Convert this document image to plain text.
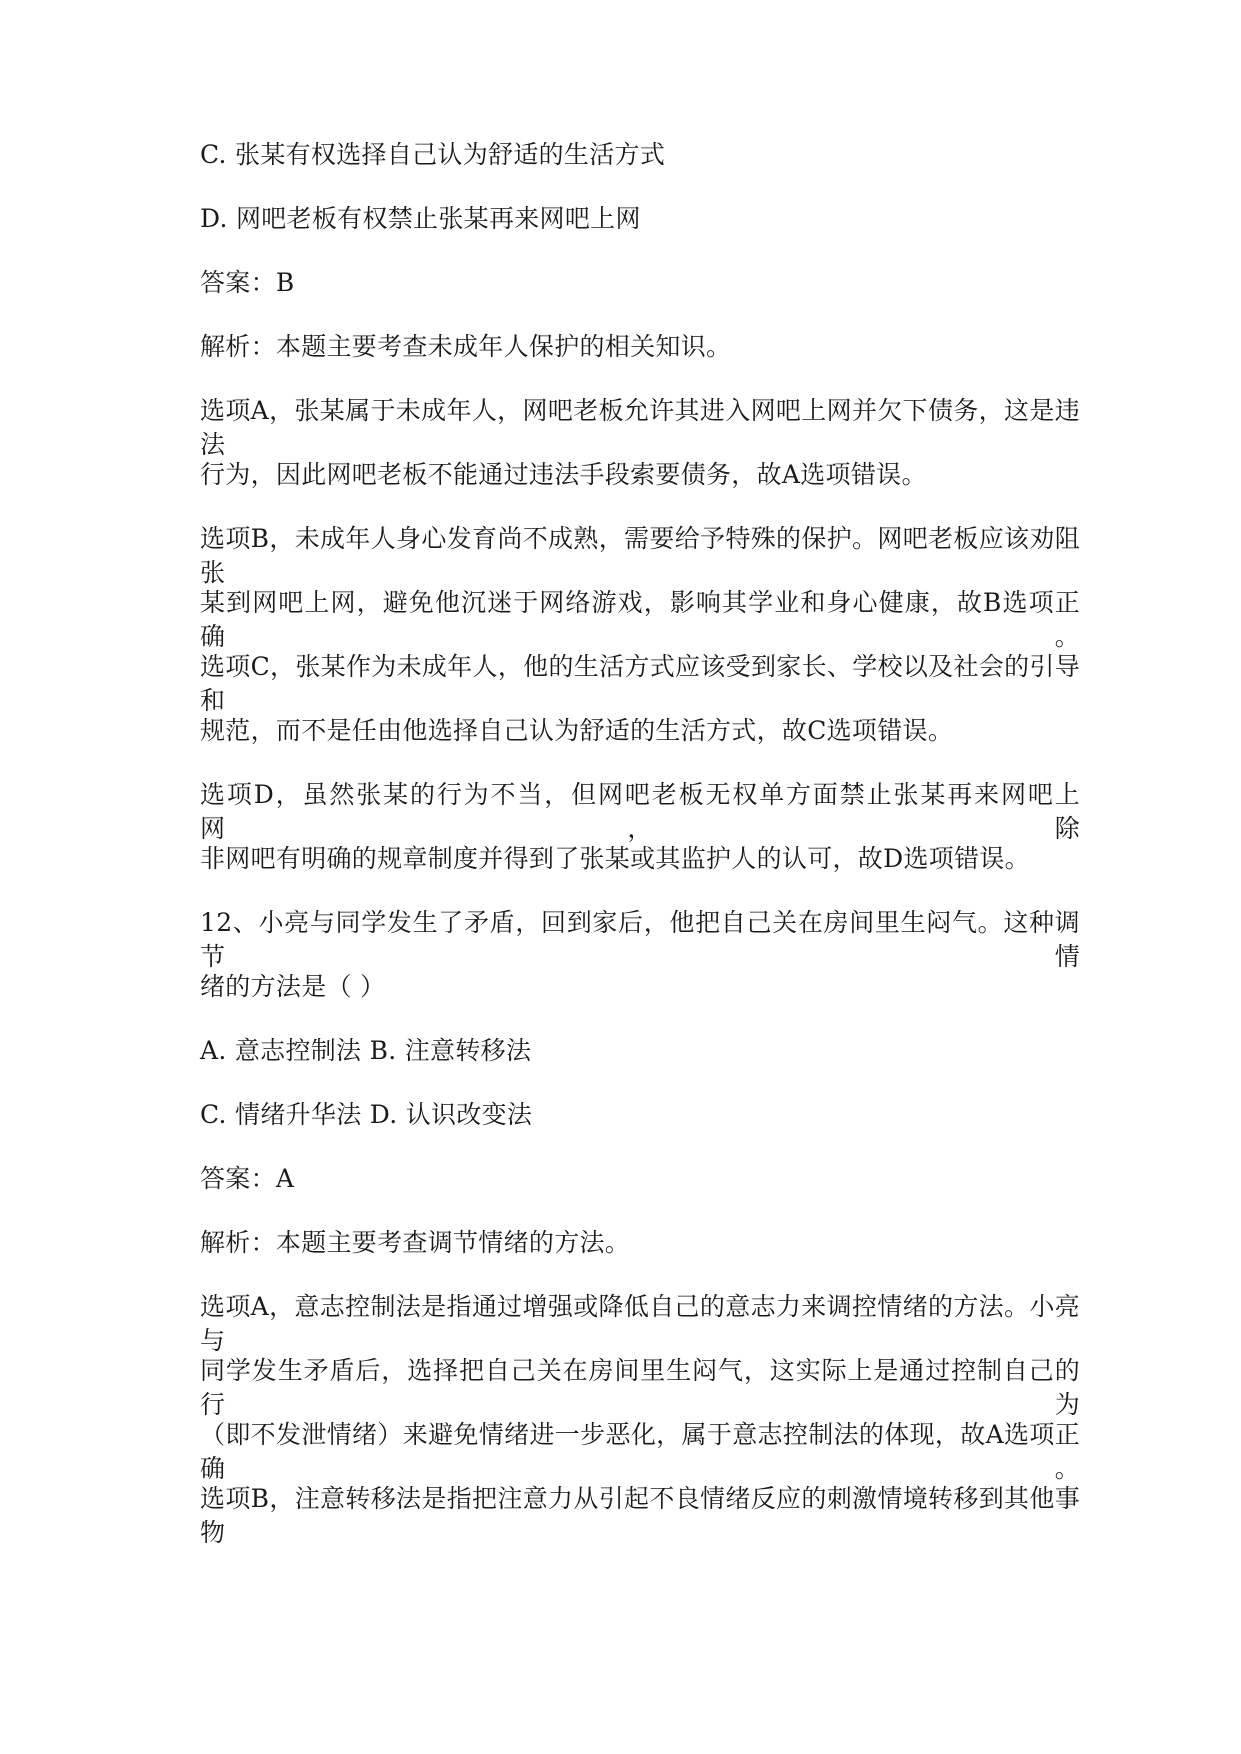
C. 张某有权选择自己认为舒适的生活方式
D. 网吧老板有权禁止张某再来网吧上网
答案：B
解析：本题主要考查未成年人保护的相关知识。
选项A，张某属于未成年人，网吧老板允许其进入网吧上网并欠下债务，这是违法
行为，因此网吧老板不能通过违法手段索要债务，故A选项错误。
选项B，未成年人身心发育尚不成熟，需要给予特殊的保护。网吧老板应该劝阻张
某到网吧上网，避免他沉迷于网络游戏，影响其学业和身心健康，故B选项正确。
选项C，张某作为未成年人，他的生活方式应该受到家长、学校以及社会的引导和
规范，而不是任由他选择自己认为舒适的生活方式，故C选项错误。
选项D，虽然张某的行为不当，但网吧老板无权单方面禁止张某再来网吧上网，除
非网吧有明确的规章制度并得到了张某或其监护人的认可，故D选项错误。
12、小亮与同学发生了矛盾，回到家后，他把自己关在房间里生闷气。这种调节情
绪的方法是（ ）
A. 意志控制法 B. 注意转移法
C. 情绪升华法 D. 认识改变法
答案：A
解析：本题主要考查调节情绪的方法。
选项A，意志控制法是指通过增强或降低自己的意志力来调控情绪的方法。小亮与
同学发生矛盾后，选择把自己关在房间里生闷气，这实际上是通过控制自己的行为
（即不发泄情绪）来避免情绪进一步恶化，属于意志控制法的体现，故A选项正确。
选项B，注意转移法是指把注意力从引起不良情绪反应的刺激情境转移到其他事物
